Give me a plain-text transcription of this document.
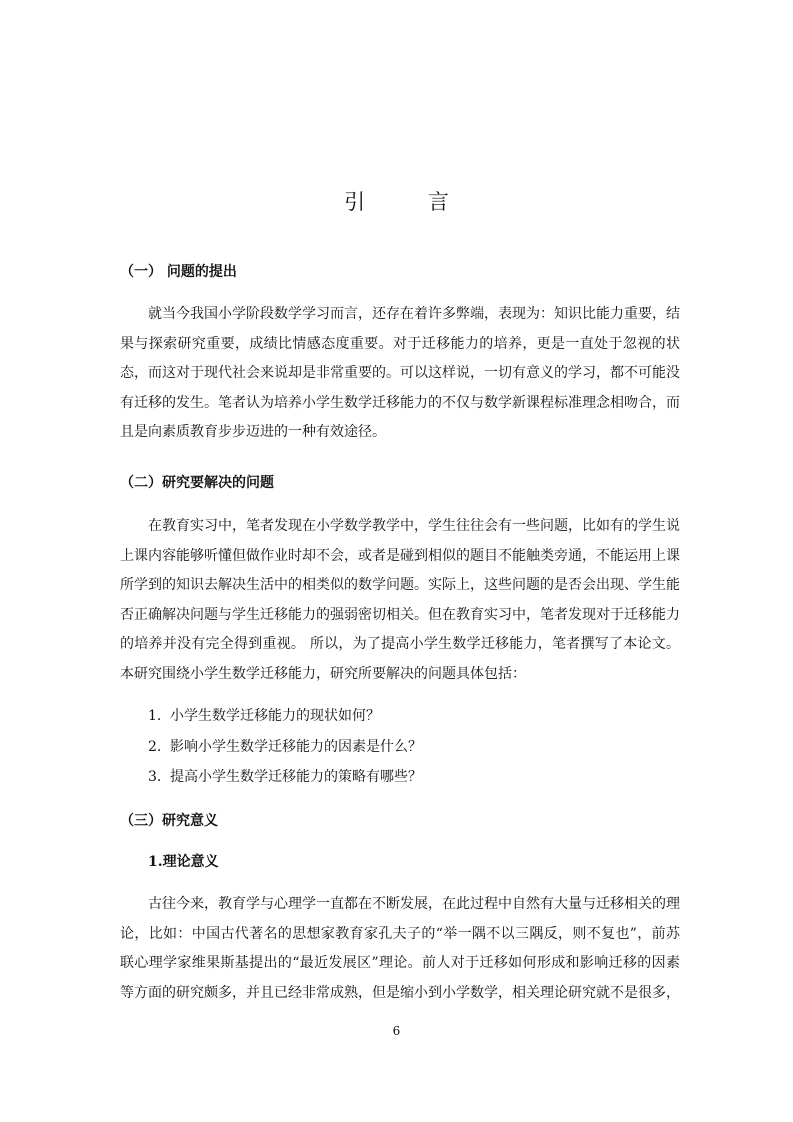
引 言

（一） 问题的提出

就当今我国小学阶段数学学习而言，还存在着许多弊端，表现为：知识比能力重要，结果与探索研究重要，成绩比情感态度重要。对于迁移能力的培养，更是一直处于忽视的状态，而这对于现代社会来说却是非常重要的。可以这样说，一切有意义的学习，都不可能没有迁移的发生。笔者认为培养小学生数学迁移能力的不仅与数学新课程标准理念相吻合，而且是向素质教育步步迈进的一种有效途径。

（二）研究要解决的问题

在教育实习中，笔者发现在小学数学教学中，学生往往会有一些问题，比如有的学生说上课内容能够听懂但做作业时却不会，或者是碰到相似的题目不能触类旁通，不能运用上课所学到的知识去解决生活中的相类似的数学问题。实际上，这些问题的是否会出现、学生能否正确解决问题与学生迁移能力的强弱密切相关。但在教育实习中，笔者发现对于迁移能力的培养并没有完全得到重视。 所以，为了提高小学生数学迁移能力，笔者撰写了本论文。本研究围绕小学生数学迁移能力，研究所要解决的问题具体包括：

1. 小学生数学迁移能力的现状如何？
2. 影响小学生数学迁移能力的因素是什么？
3. 提高小学生数学迁移能力的策略有哪些？

（三）研究意义

1.理论意义

古往今来，教育学与心理学一直都在不断发展，在此过程中自然有大量与迁移相关的理论，比如：中国古代著名的思想家教育家孔夫子的“举一隅不以三隅反，则不复也”，前苏联心理学家维果斯基提出的“最近发展区”理论。前人对于迁移如何形成和影响迁移的因素等方面的研究颇多，并且已经非常成熟，但是缩小到小学数学，相关理论研究就不是很多，

6
